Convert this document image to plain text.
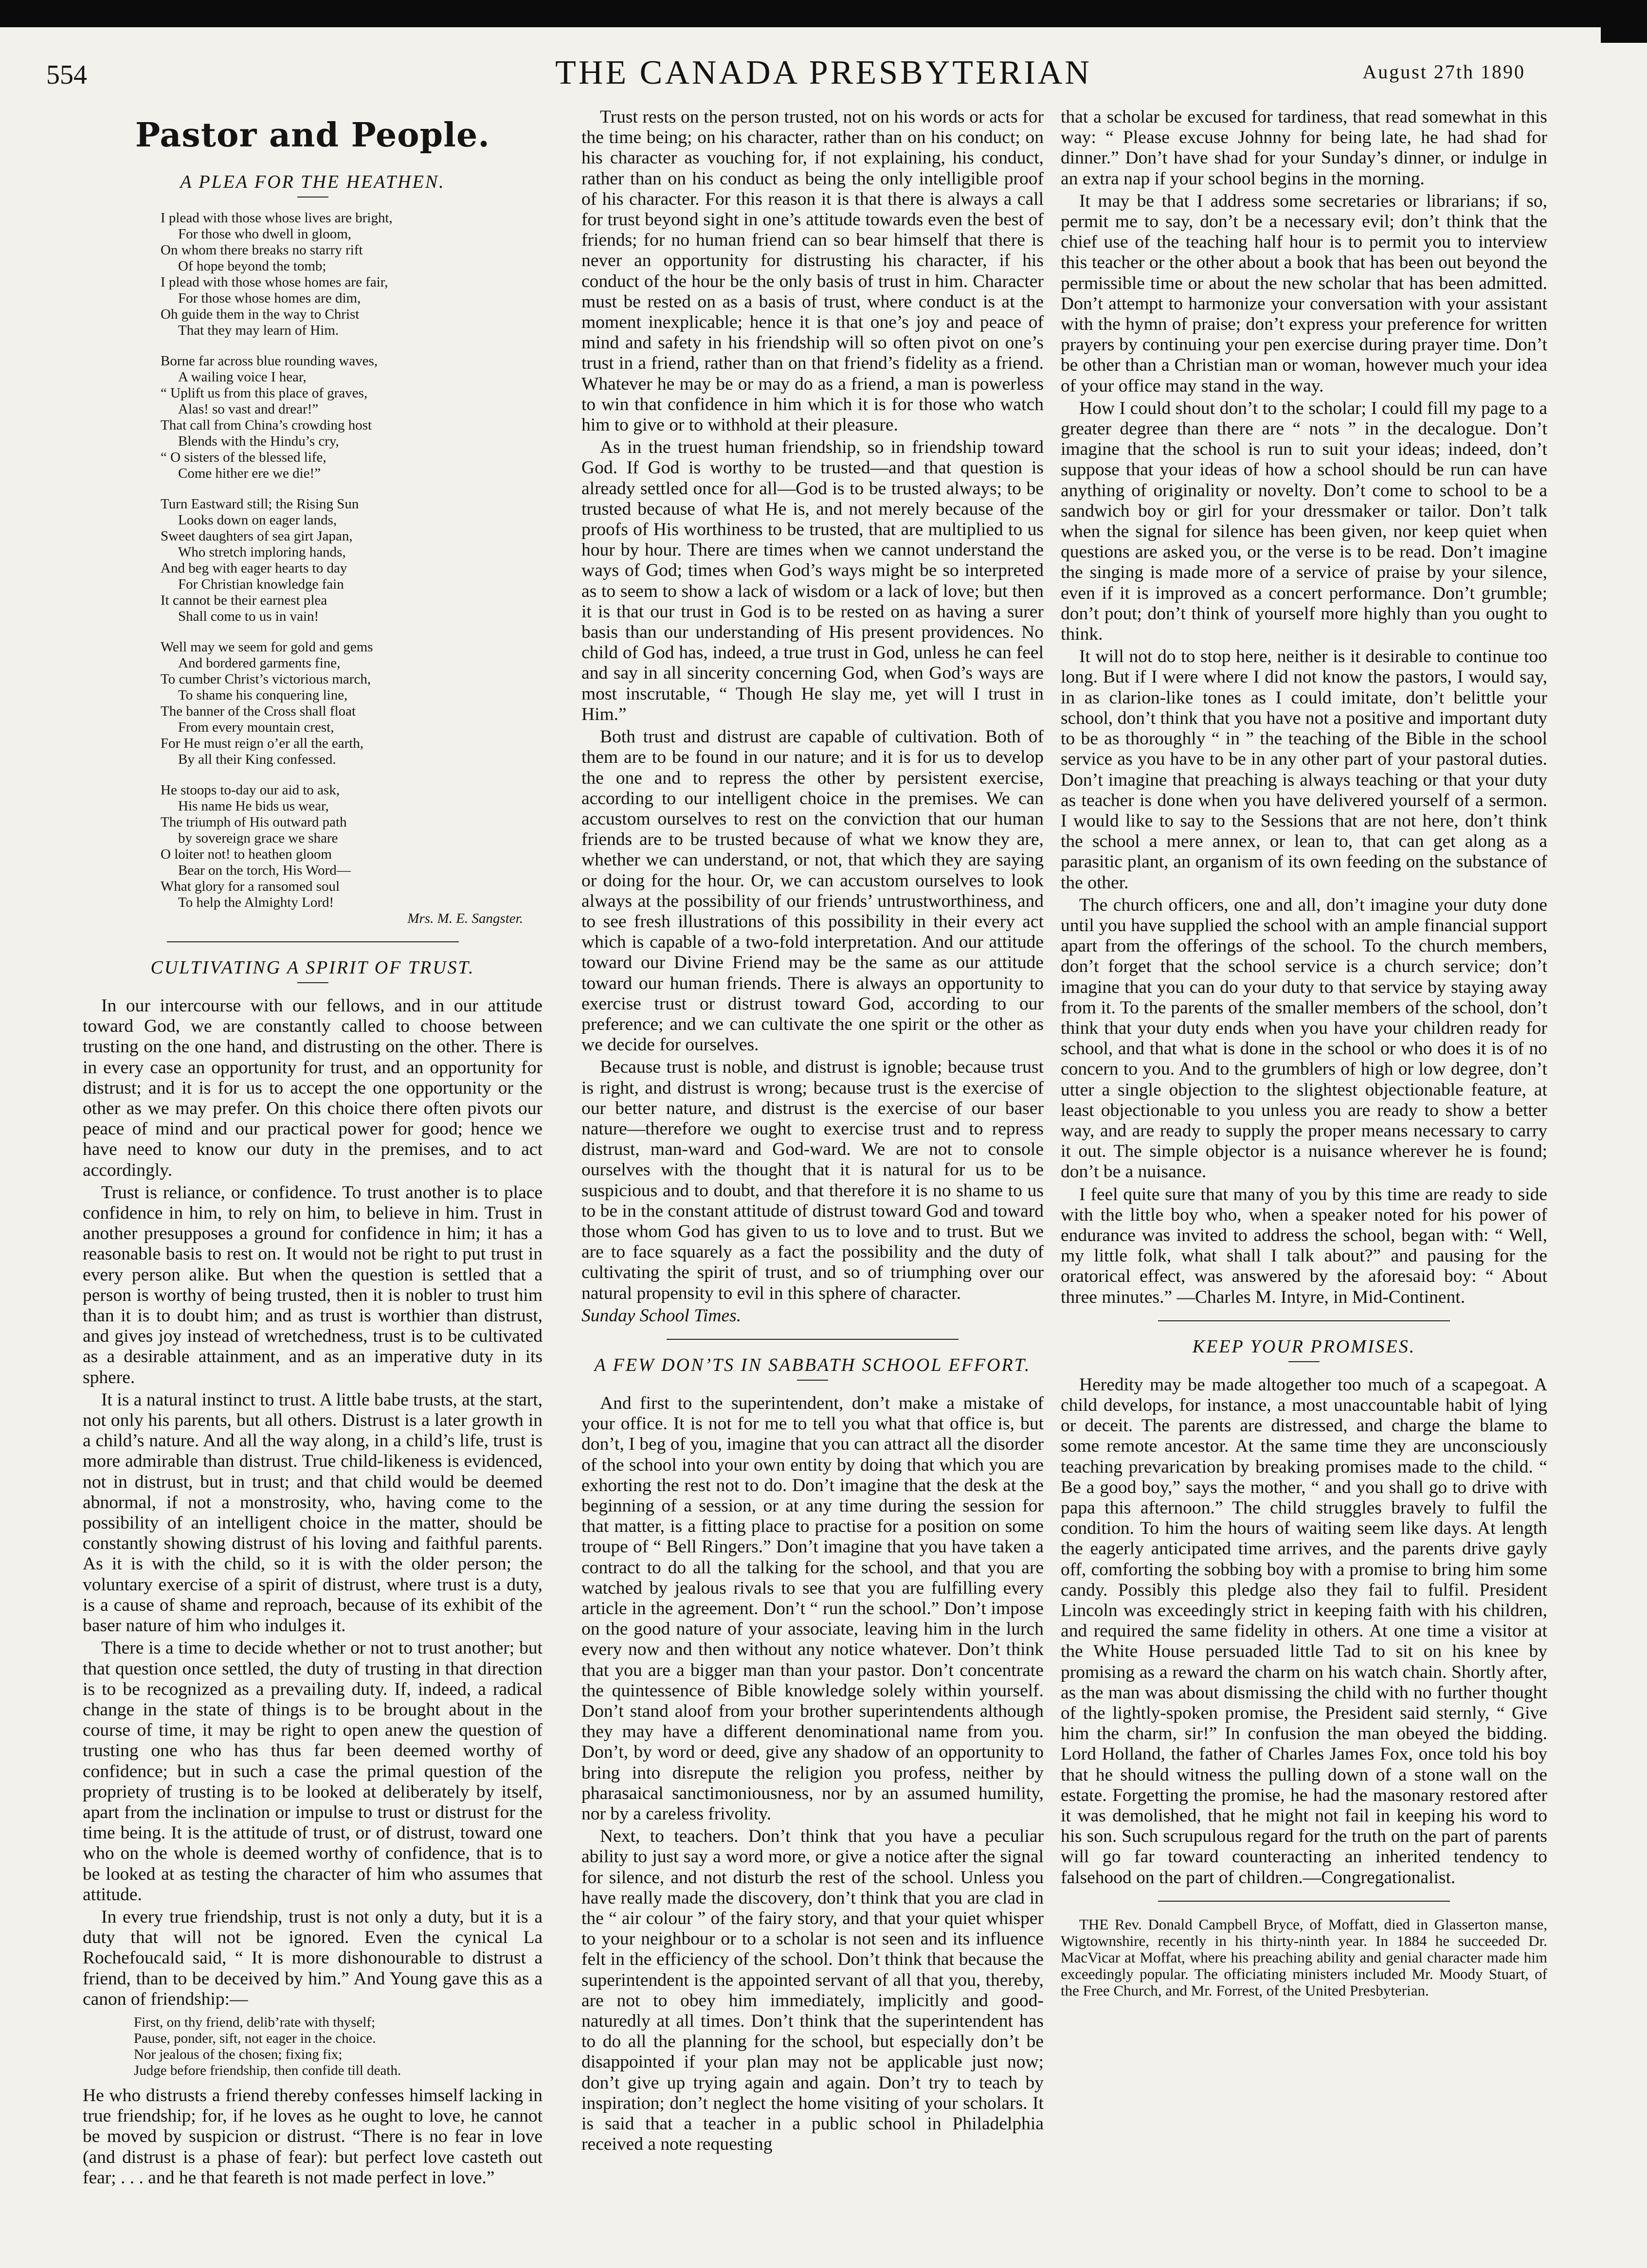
554	THE CANADA PRESBYTERIAN	August 27th 1890
Pastor and People.
A PLEA FOR THE HEATHEN.
I plead with those whose lives are bright,
For those who dwell in gloom,
On whom there breaks no starry rift
Of hope beyond the tomb;
I plead with those whose homes are fair,
For those whose homes are dim,
Oh guide them in the way to Christ
That they may learn of Him.
Borne far across blue rounding waves,
A wailing voice I hear,
“ Uplift us from this place of graves,
Alas! so vast and drear!”
That call from China’s crowding host
Blends with the Hindu’s cry,
“ O sisters of the blessed life,
Come hither ere we die!”
Turn Eastward still; the Rising Sun
Looks down on eager lands,
Sweet daughters of sea girt Japan,
Who stretch imploring hands,
And beg with eager hearts to day
For Christian knowledge fain
It cannot be their earnest plea
Shall come to us in vain!
Well may we seem for gold and gems
And bordered garments fine,
To cumber Christ’s victorious march,
To shame his conquering line,
The banner of the Cross shall float
From every mountain crest,
For He must reign o’er all the earth,
By all their King confessed.
He stoops to-day our aid to ask,
His name He bids us wear,
The triumph of His outward path
by sovereign grace we share
O loiter not! to heathen gloom
Bear on the torch, His Word—
What glory for a ransomed soul
To help the Almighty Lord!
Mrs. M. E. Sangster.
CULTIVATING A SPIRIT OF TRUST.

In our intercourse with our fellows, and in our attitude toward God, we are constantly called to choose between trusting on the one hand, and distrusting on the other. There is in every case an opportunity for trust, and an opportunity for distrust; and it is for us to accept the one opportunity or the other as we may prefer. On this choice there often pivots our peace of mind and our practical power for good; hence we have need to know our duty in the premises, and to act accordingly.

Trust is reliance, or confidence. To trust another is to place confidence in him, to rely on him, to believe in him. Trust in another presupposes a ground for confidence in him; it has a reasonable basis to rest on. It would not be right to put trust in every person alike. But when the question is settled that a person is worthy of being trusted, then it is nobler to trust him than it is to doubt him; and as trust is worthier than distrust, and gives joy instead of wretchedness, trust is to be cultivated as a desirable attainment, and as an imperative duty in its sphere.

It is a natural instinct to trust. A little babe trusts, at the start, not only his parents, but all others. Distrust is a later growth in a child’s nature. And all the way along, in a child’s life, trust is more admirable than distrust. True child-likeness is evidenced, not in distrust, but in trust; and that child would be deemed abnormal, if not a monstrosity, who, having come to the possibility of an intelligent choice in the matter, should be constantly showing distrust of his loving and faithful parents. As it is with the child, so it is with the older person; the voluntary exercise of a spirit of distrust, where trust is a duty, is a cause of shame and reproach, because of its exhibit of the baser nature of him who indulges it.

There is a time to decide whether or not to trust another; but that question once settled, the duty of trusting in that direction is to be recognized as a prevailing duty. If, indeed, a radical change in the state of things is to be brought about in the course of time, it may be right to open anew the question of trusting one who has thus far been deemed worthy of confidence; but in such a case the primal question of the propriety of trusting is to be looked at deliberately by itself, apart from the inclination or impulse to trust or distrust for the time being. It is the attitude of trust, or of distrust, toward one who on the whole is deemed worthy of confidence, that is to be looked at as testing the character of him who assumes that attitude.

In every true friendship, trust is not only a duty, but it is a duty that will not be ignored. Even the cynical La Rochefoucald said, “ It is more dishonourable to distrust a friend, than to be deceived by him.” And Young gave this as a canon of friendship:—

First, on thy friend, delib’rate with thyself;
Pause, ponder, sift, not eager in the choice.
Nor jealous of the chosen; fixing fix;
Judge before friendship, then confide till death.

He who distrusts a friend thereby confesses himself lacking in true friendship; for, if he loves as he ought to love, he cannot be moved by suspicion or distrust. “There is no fear in love (and distrust is a phase of fear): but perfect love casteth out fear; . . . and he that feareth is not made perfect in love.”

Trust rests on the person trusted, not on his words or acts for the time being; on his character, rather than on his conduct; on his character as vouching for, if not explaining, his conduct, rather than on his conduct as being the only intelligible proof of his character. For this reason it is that there is always a call for trust beyond sight in one’s attitude towards even the best of friends; for no human friend can so bear himself that there is never an opportunity for distrusting his character, if his conduct of the hour be the only basis of trust in him. Character must be rested on as a basis of trust, where conduct is at the moment inexplicable; hence it is that one’s joy and peace of mind and safety in his friendship will so often pivot on one’s trust in a friend, rather than on that friend’s fidelity as a friend. Whatever he may be or may do as a friend, a man is powerless to win that confidence in him which it is for those who watch him to give or to withhold at their pleasure.

As in the truest human friendship, so in friendship toward God. If God is worthy to be trusted—and that question is already settled once for all—God is to be trusted always; to be trusted because of what He is, and not merely because of the proofs of His worthiness to be trusted, that are multiplied to us hour by hour. There are times when we cannot understand the ways of God; times when God’s ways might be so interpreted as to seem to show a lack of wisdom or a lack of love; but then it is that our trust in God is to be rested on as having a surer basis than our understanding of His present providences. No child of God has, indeed, a true trust in God, unless he can feel and say in all sincerity concerning God, when God’s ways are most inscrutable, “ Though He slay me, yet will I trust in Him.”

Both trust and distrust are capable of cultivation. Both of them are to be found in our nature; and it is for us to develop the one and to repress the other by persistent exercise, according to our intelligent choice in the premises. We can accustom ourselves to rest on the conviction that our human friends are to be trusted because of what we know they are, whether we can understand, or not, that which they are saying or doing for the hour. Or, we can accustom ourselves to look always at the possibility of our friends’ untrustworthiness, and to see fresh illustrations of this possibility in their every act which is capable of a two-fold interpretation. And our attitude toward our Divine Friend may be the same as our attitude toward our human friends. There is always an opportunity to exercise trust or distrust toward God, according to our preference; and we can cultivate the one spirit or the other as we decide for ourselves.

Because trust is noble, and distrust is ignoble; because trust is right, and distrust is wrong; because trust is the exercise of our better nature, and distrust is the exercise of our baser nature—therefore we ought to exercise trust and to repress distrust, man-ward and God-ward. We are not to console ourselves with the thought that it is natural for us to be suspicious and to doubt, and that therefore it is no shame to us to be in the constant attitude of distrust toward God and toward those whom God has given to us to love and to trust. But we are to face squarely as a fact the possibility and the duty of cultivating the spirit of trust, and so of triumphing over our natural propensity to evil in this sphere of character.

Sunday School Times.

A FEW DON’TS IN SABBATH SCHOOL EFFORT.

And first to the superintendent, don’t make a mistake of your office. It is not for me to tell you what that office is, but don’t, I beg of you, imagine that you can attract all the disorder of the school into your own entity by doing that which you are exhorting the rest not to do. Don’t imagine that the desk at the beginning of a session, or at any time during the session for that matter, is a fitting place to practise for a position on some troupe of “ Bell Ringers.” Don’t imagine that you have taken a contract to do all the talking for the school, and that you are watched by jealous rivals to see that you are fulfilling every article in the agreement. Don’t “ run the school.” Don’t impose on the good nature of your associate, leaving him in the lurch every now and then without any notice whatever. Don’t think that you are a bigger man than your pastor. Don’t concentrate the quintessence of Bible knowledge solely within yourself. Don’t stand aloof from your brother superintendents although they may have a different denominational name from you. Don’t, by word or deed, give any shadow of an opportunity to bring into disrepute the religion you profess, neither by pharasaical sanctimoniousness, nor by an assumed humility, nor by a careless frivolity.

Next, to teachers. Don’t think that you have a peculiar ability to just say a word more, or give a notice after the signal for silence, and not disturb the rest of the school. Unless you have really made the discovery, don’t think that you are clad in the “ air colour ” of the fairy story, and that your quiet whisper to your neighbour or to a scholar is not seen and its influence felt in the efficiency of the school. Don’t think that because the superintendent is the appointed servant of all that you, thereby, are not to obey him immediately, implicitly and good-naturedly at all times. Don’t think that the superintendent has to do all the planning for the school, but especially don’t be disappointed if your plan may not be applicable just now; don’t give up trying again and again. Don’t try to teach by inspiration; don’t neglect the home visiting of your scholars. It is said that a teacher in a public school in Philadelphia received a note requesting

that a scholar be excused for tardiness, that read somewhat in this way: “ Please excuse Johnny for being late, he had shad for dinner.” Don’t have shad for your Sunday’s dinner, or indulge in an extra nap if your school begins in the morning.

It may be that I address some secretaries or librarians; if so, permit me to say, don’t be a necessary evil; don’t think that the chief use of the teaching half hour is to permit you to interview this teacher or the other about a book that has been out beyond the permissible time or about the new scholar that has been admitted. Don’t attempt to harmonize your conversation with your assistant with the hymn of praise; don’t express your preference for written prayers by continuing your pen exercise during prayer time. Don’t be other than a Christian man or woman, however much your idea of your office may stand in the way.

How I could shout don’t to the scholar; I could fill my page to a greater degree than there are “ nots ” in the decalogue. Don’t imagine that the school is run to suit your ideas; indeed, don’t suppose that your ideas of how a school should be run can have anything of originality or novelty. Don’t come to school to be a sandwich boy or girl for your dressmaker or tailor. Don’t talk when the signal for silence has been given, nor keep quiet when questions are asked you, or the verse is to be read. Don’t imagine the singing is made more of a service of praise by your silence, even if it is improved as a concert performance. Don’t grumble; don’t pout; don’t think of yourself more highly than you ought to think.

It will not do to stop here, neither is it desirable to continue too long. But if I were where I did not know the pastors, I would say, in as clarion-like tones as I could imitate, don’t belittle your school, don’t think that you have not a positive and important duty to be as thoroughly “ in ” the teaching of the Bible in the school service as you have to be in any other part of your pastoral duties. Don’t imagine that preaching is always teaching or that your duty as teacher is done when you have delivered yourself of a sermon. I would like to say to the Sessions that are not here, don’t think the school a mere annex, or lean to, that can get along as a parasitic plant, an organism of its own feeding on the substance of the other.

The church officers, one and all, don’t imagine your duty done until you have supplied the school with an ample financial support apart from the offerings of the school. To the church members, don’t forget that the school service is a church service; don’t imagine that you can do your duty to that service by staying away from it. To the parents of the smaller members of the school, don’t think that your duty ends when you have your children ready for school, and that what is done in the school or who does it is of no concern to you. And to the grumblers of high or low degree, don’t utter a single objection to the slightest objectionable feature, at least objectionable to you unless you are ready to show a better way, and are ready to supply the proper means necessary to carry it out. The simple objector is a nuisance wherever he is found; don’t be a nuisance.

I feel quite sure that many of you by this time are ready to side with the little boy who, when a speaker noted for his power of endurance was invited to address the school, began with: “ Well, my little folk, what shall I talk about?” and pausing for the oratorical effect, was answered by the aforesaid boy: “ About three minutes.” —Charles M. Intyre, in Mid-Continent.

KEEP YOUR PROMISES.

Heredity may be made altogether too much of a scapegoat. A child develops, for instance, a most unaccountable habit of lying or deceit. The parents are distressed, and charge the blame to some remote ancestor. At the same time they are unconsciously teaching prevarication by breaking promises made to the child. “ Be a good boy,” says the mother, “ and you shall go to drive with papa this afternoon.” The child struggles bravely to fulfil the condition. To him the hours of waiting seem like days. At length the eagerly anticipated time arrives, and the parents drive gayly off, comforting the sobbing boy with a promise to bring him some candy. Possibly this pledge also they fail to fulfil. President Lincoln was exceedingly strict in keeping faith with his children, and required the same fidelity in others. At one time a visitor at the White House persuaded little Tad to sit on his knee by promising as a reward the charm on his watch chain. Shortly after, as the man was about dismissing the child with no further thought of the lightly-spoken promise, the President said sternly, “ Give him the charm, sir!” In confusion the man obeyed the bidding. Lord Holland, the father of Charles James Fox, once told his boy that he should witness the pulling down of a stone wall on the estate. Forgetting the promise, he had the masonary restored after it was demolished, that he might not fail in keeping his word to his son. Such scrupulous regard for the truth on the part of parents will go far toward counteracting an inherited tendency to falsehood on the part of children.—Congregationalist.

THE Rev. Donald Campbell Bryce, of Moffatt, died in Glasserton manse, Wigtownshire, recently in his thirty-ninth year. In 1884 he succeeded Dr. MacVicar at Moffat, where his preaching ability and genial character made him exceedingly popular. The officiating ministers included Mr. Moody Stuart, of the Free Church, and Mr. Forrest, of the United Presbyterian.
